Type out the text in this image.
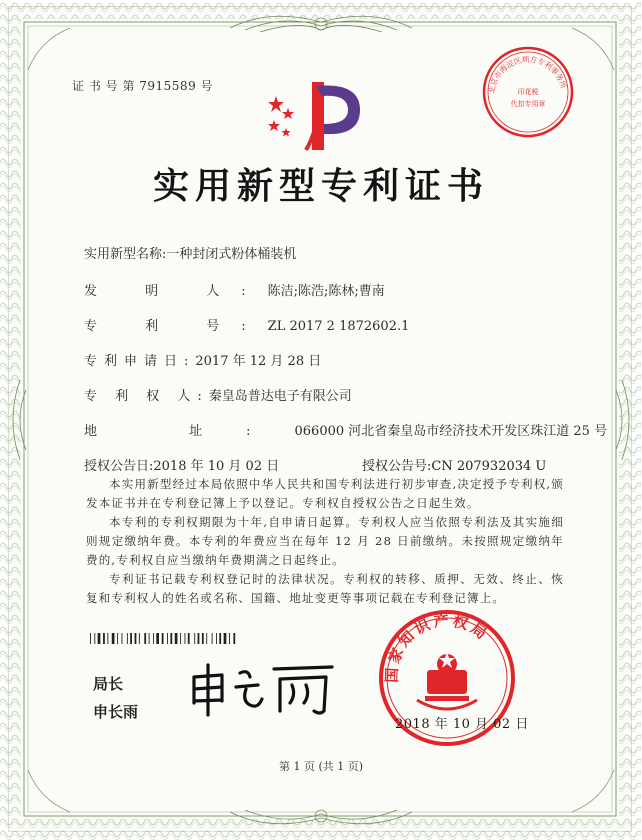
证 书 号 第 7915589 号	北京市海淀区圳方专利事务所
印花税
代扣专用章
实用新型专利证书
实用新型名称:一种封闭式粉体桶装机
发 明 人:陈洁;陈浩;陈林;曹南
专 利 号:ZL 2017 2 1872602.1
专利申请日:2017 年 12 月 28 日
专 利 权 人:秦皇岛普达电子有限公司
地 址:066000 河北省秦皇岛市经济技术开发区珠江道 25 号
授权公告日:2018 年 10 月 02 日	授权公告号:CN 207932034 U

本实用新型经过本局依照中华人民共和国专利法进行初步审查,决定授予专利权,颁发本证书并在专利登记簿上予以登记。专利权自授权公告之日起生效。

本专利的专利权期限为十年,自申请日起算。专利权人应当依照专利法及其实施细则规定缴纳年费。本专利的年费应当在每年 12 月 28 日前缴纳。未按照规定缴纳年费的,专利权自应当缴纳年费期满之日起终止。

专利证书记载专利权登记时的法律状况。专利权的转移、质押、无效、终止、恢复和专利权人的姓名或名称、国籍、地址变更等事项记载在专利登记簿上。

局长
申长雨
国家知识产权局
2018 年 10 月 02 日
第 1 页 (共 1 页)
